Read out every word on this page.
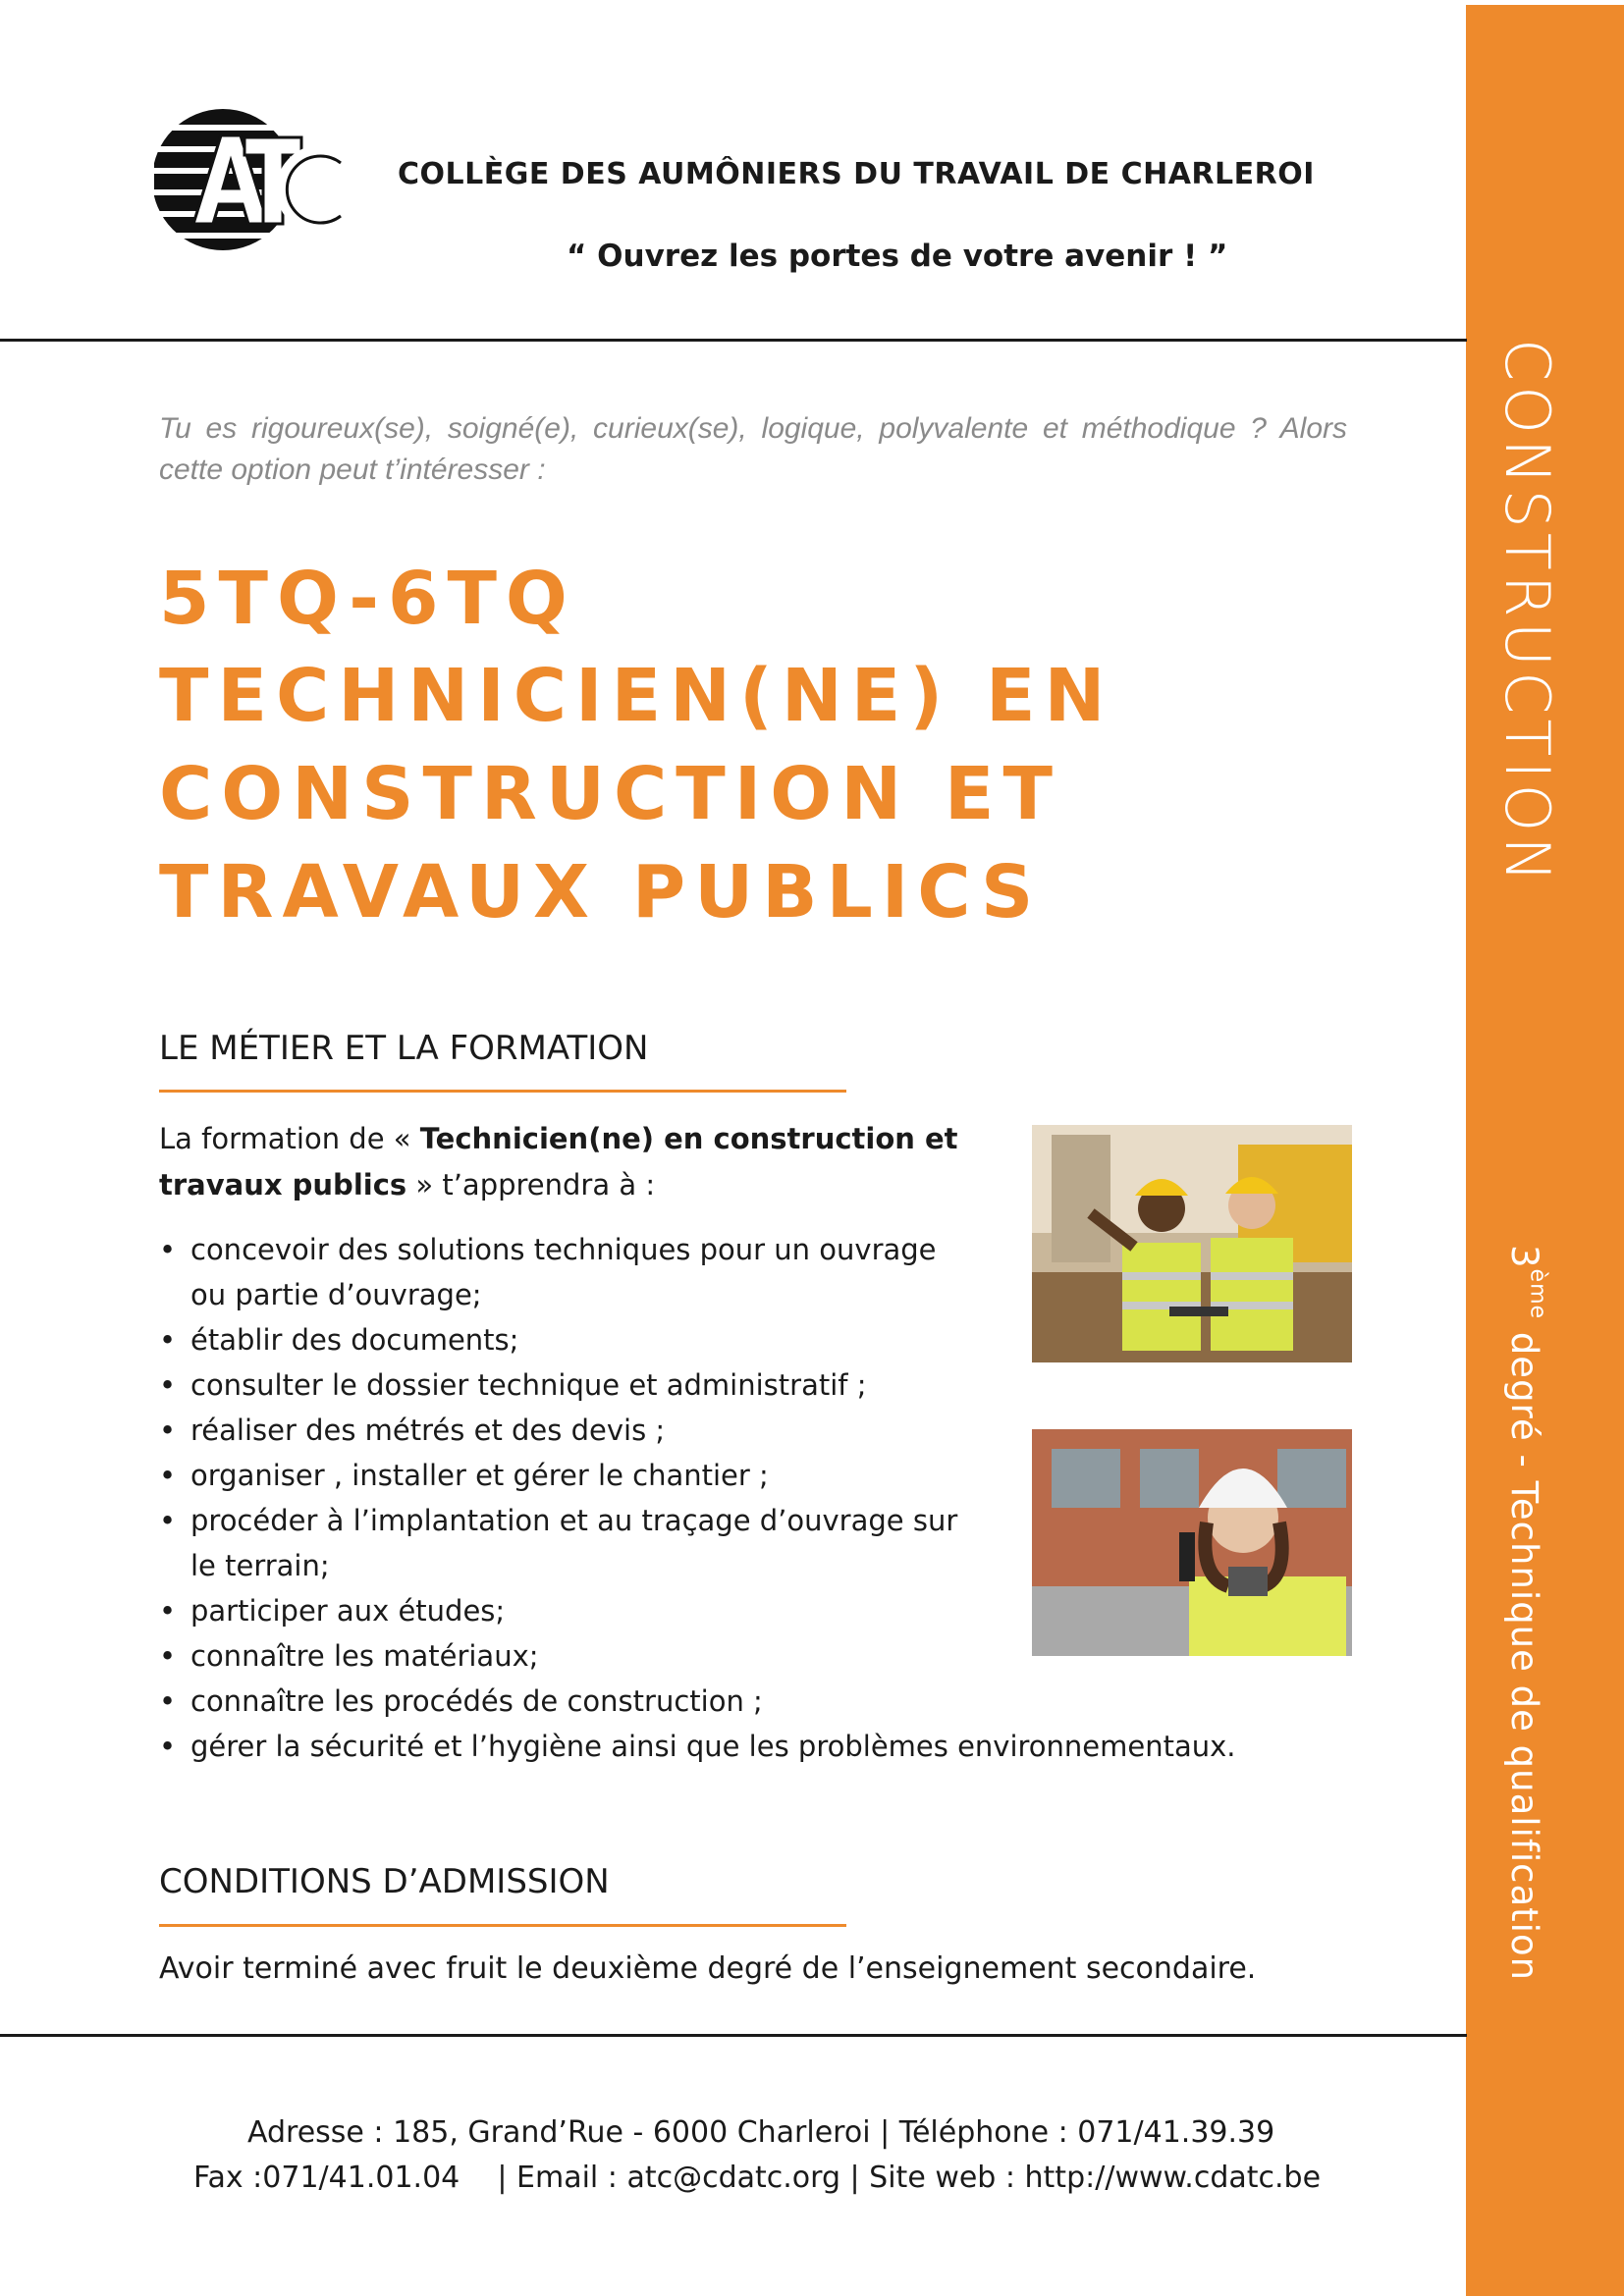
CONSTRUCTION
3ème degré - Technique de qualification
COLLÈGE DES AUMÔNIERS DU TRAVAIL DE CHARLEROI
“ Ouvrez les portes de votre avenir ! ”
Tu es rigoureux(se), soigné(e), curieux(se), logique, polyvalente et méthodique ? Alors cette option peut t’intéresser :
5TQ-6TQ
TECHNICIEN(NE) EN
CONSTRUCTION ET
TRAVAUX PUBLICS
LE MÉTIER ET LA FORMATION
La formation de « Technicien(ne) en construction et travaux publics » t’apprendra à :
• concevoir des solutions techniques pour un ouvrage
ou partie d’ouvrage;
• établir des documents;
• consulter le dossier technique et administratif ;
• réaliser des métrés et des devis ;
• organiser , installer et gérer le chantier ;
• procéder à l’implantation et au traçage d’ouvrage sur
le terrain;
• participer aux études;
• connaître les matériaux;
• connaître les procédés de construction ;
• gérer la sécurité et l’hygiène ainsi que les problèmes environnementaux.
CONDITIONS D’ADMISSION
Avoir terminé avec fruit le deuxième degré de l’enseignement secondaire.
Adresse : 185, Grand’Rue - 6000 Charleroi | Téléphone : 071/41.39.39
Fax :071/41.01.04    | Email : atc@cdatc.org | Site web : http://www.cdatc.be
